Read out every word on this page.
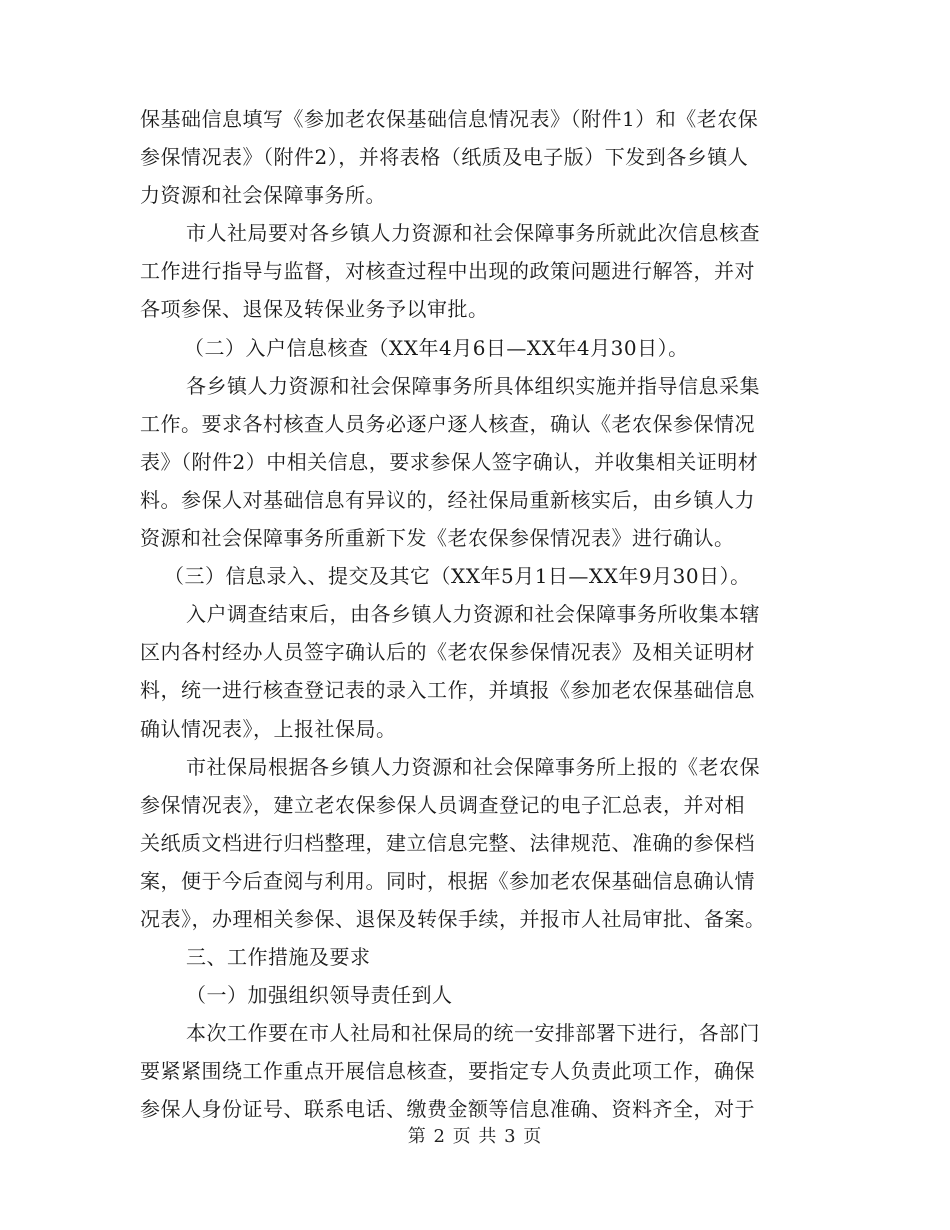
保基础信息填写《参加老农保基础信息情况表》（附件1）和《老农保
参保情况表》（附件2），并将表格（纸质及电子版）下发到各乡镇人
力资源和社会保障事务所。
市人社局要对各乡镇人力资源和社会保障事务所就此次信息核查
工作进行指导与监督，对核查过程中出现的政策问题进行解答，并对
各项参保、退保及转保业务予以审批。
（二）入户信息核查（XX年4月6日—XX年4月30日）。
各乡镇人力资源和社会保障事务所具体组织实施并指导信息采集
工作。要求各村核查人员务必逐户逐人核查，确认《老农保参保情况
表》（附件2）中相关信息，要求参保人签字确认，并收集相关证明材
料。参保人对基础信息有异议的，经社保局重新核实后，由乡镇人力
资源和社会保障事务所重新下发《老农保参保情况表》进行确认。
（三）信息录入、提交及其它（XX年5月1日—XX年9月30日）。
入户调查结束后，由各乡镇人力资源和社会保障事务所收集本辖
区内各村经办人员签字确认后的《老农保参保情况表》及相关证明材
料，统一进行核查登记表的录入工作，并填报《参加老农保基础信息
确认情况表》，上报社保局。
市社保局根据各乡镇人力资源和社会保障事务所上报的《老农保
参保情况表》，建立老农保参保人员调查登记的电子汇总表，并对相
关纸质文档进行归档整理，建立信息完整、法律规范、准确的参保档
案，便于今后查阅与利用。同时，根据《参加老农保基础信息确认情
况表》，办理相关参保、退保及转保手续，并报市人社局审批、备案。
三、工作措施及要求
（一）加强组织领导责任到人
本次工作要在市人社局和社保局的统一安排部署下进行，各部门
要紧紧围绕工作重点开展信息核查，要指定专人负责此项工作，确保
参保人身份证号、联系电话、缴费金额等信息准确、资料齐全，对于
第 2 页 共 3 页
